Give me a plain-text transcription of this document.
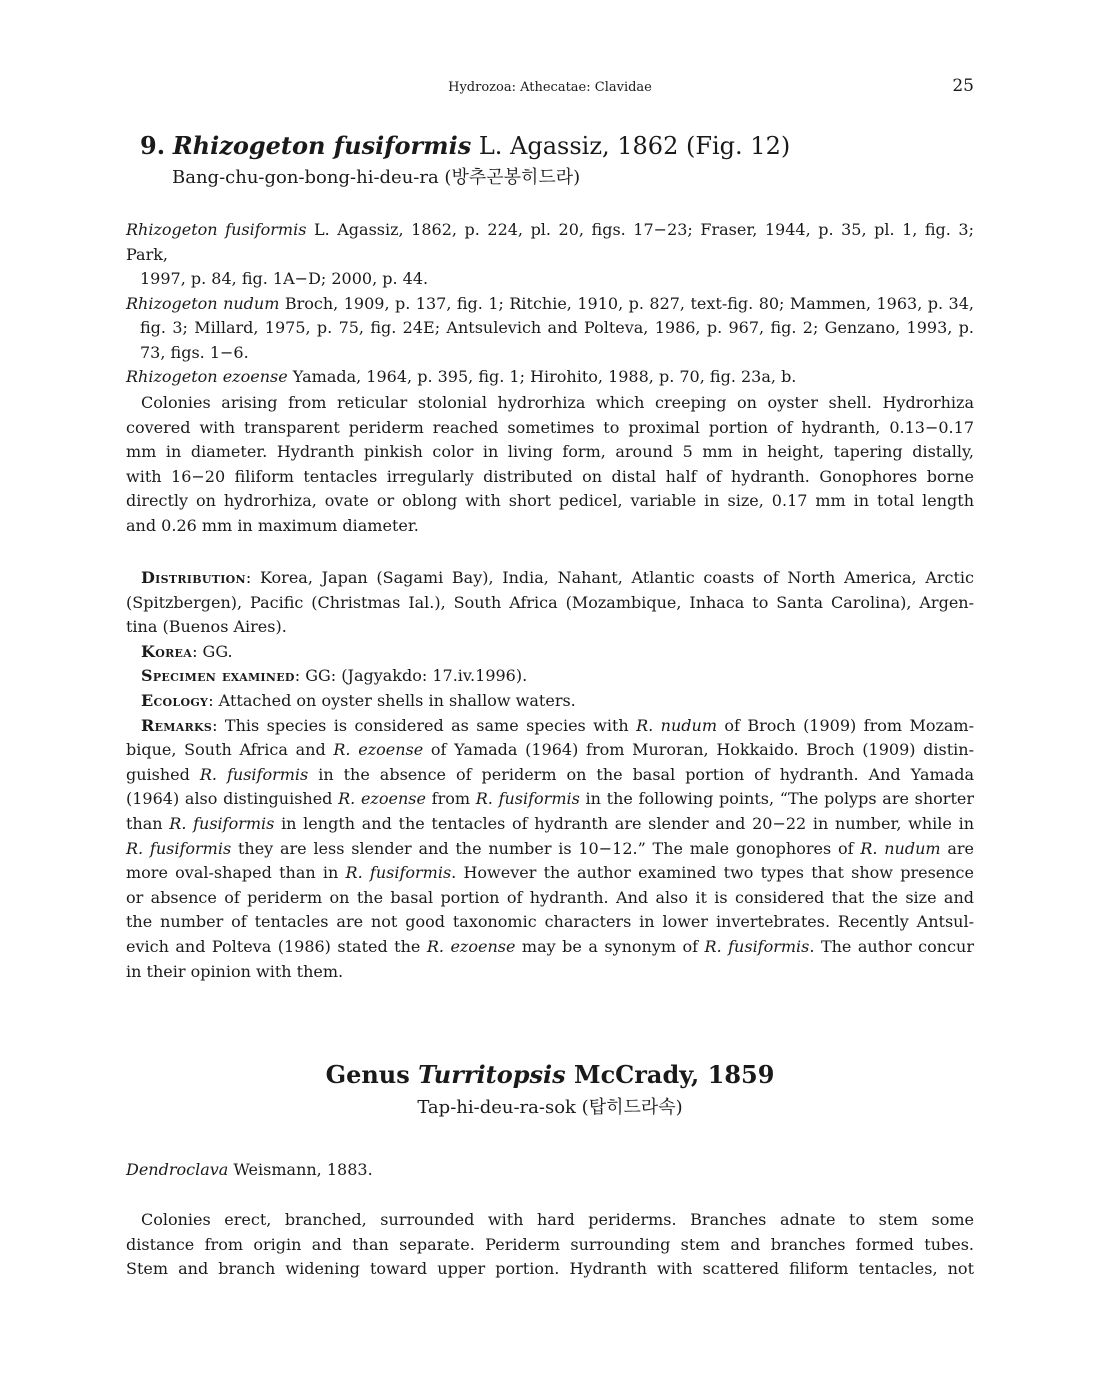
Hydrozoa: Athecatae: Clavidae	25
9. Rhizogeton fusiformis L. Agassiz, 1862 (Fig. 12)
Bang-chu-gon-bong-hi-deu-ra (방추곤봉히드라)
Rhizogeton fusiformis L. Agassiz, 1862, p. 224, pl. 20, figs. 17−23; Fraser, 1944, p. 35, pl. 1, fig. 3; Park,
1997, p. 84, fig. 1A−D; 2000, p. 44.
Rhizogeton nudum Broch, 1909, p. 137, fig. 1; Ritchie, 1910, p. 827, text-fig. 80; Mammen, 1963, p. 34,
fig. 3; Millard, 1975, p. 75, fig. 24E; Antsulevich and Polteva, 1986, p. 967, fig. 2; Genzano, 1993, p.
73, figs. 1−6.
Rhizogeton ezoense Yamada, 1964, p. 395, fig. 1; Hirohito, 1988, p. 70, fig. 23a, b.
Colonies arising from reticular stolonial hydrorhiza which creeping on oyster shell. Hydrorhiza
covered with transparent periderm reached sometimes to proximal portion of hydranth, 0.13−0.17
mm in diameter. Hydranth pinkish color in living form, around 5 mm in height, tapering distally,
with 16−20 filiform tentacles irregularly distributed on distal half of hydranth. Gonophores borne
directly on hydrorhiza, ovate or oblong with short pedicel, variable in size, 0.17 mm in total length
and 0.26 mm in maximum diameter.
Distribution: Korea, Japan (Sagami Bay), India, Nahant, Atlantic coasts of North America, Arctic
(Spitzbergen), Pacific (Christmas Ial.), South Africa (Mozambique, Inhaca to Santa Carolina), Argen-
tina (Buenos Aires).
Korea: GG.
Specimen examined: GG: (Jagyakdo: 17.iv.1996).
Ecology: Attached on oyster shells in shallow waters.
Remarks: This species is considered as same species with R. nudum of Broch (1909) from Mozam-
bique, South Africa and R. ezoense of Yamada (1964) from Muroran, Hokkaido. Broch (1909) distin-
guished R. fusiformis in the absence of periderm on the basal portion of hydranth. And Yamada
(1964) also distinguished R. ezoense from R. fusiformis in the following points, “The polyps are shorter
than R. fusiformis in length and the tentacles of hydranth are slender and 20−22 in number, while in
R. fusiformis they are less slender and the number is 10−12.” The male gonophores of R. nudum are
more oval-shaped than in R. fusiformis. However the author examined two types that show presence
or absence of periderm on the basal portion of hydranth. And also it is considered that the size and
the number of tentacles are not good taxonomic characters in lower invertebrates. Recently Antsul-
evich and Polteva (1986) stated the R. ezoense may be a synonym of R. fusiformis. The author concur
in their opinion with them.
Genus Turritopsis McCrady, 1859
Tap-hi-deu-ra-sok (탑히드라속)
Dendroclava Weismann, 1883.
Colonies erect, branched, surrounded with hard periderms. Branches adnate to stem some
distance from origin and than separate. Periderm surrounding stem and branches formed tubes.
Stem and branch widening toward upper portion. Hydranth with scattered filiform tentacles, not
